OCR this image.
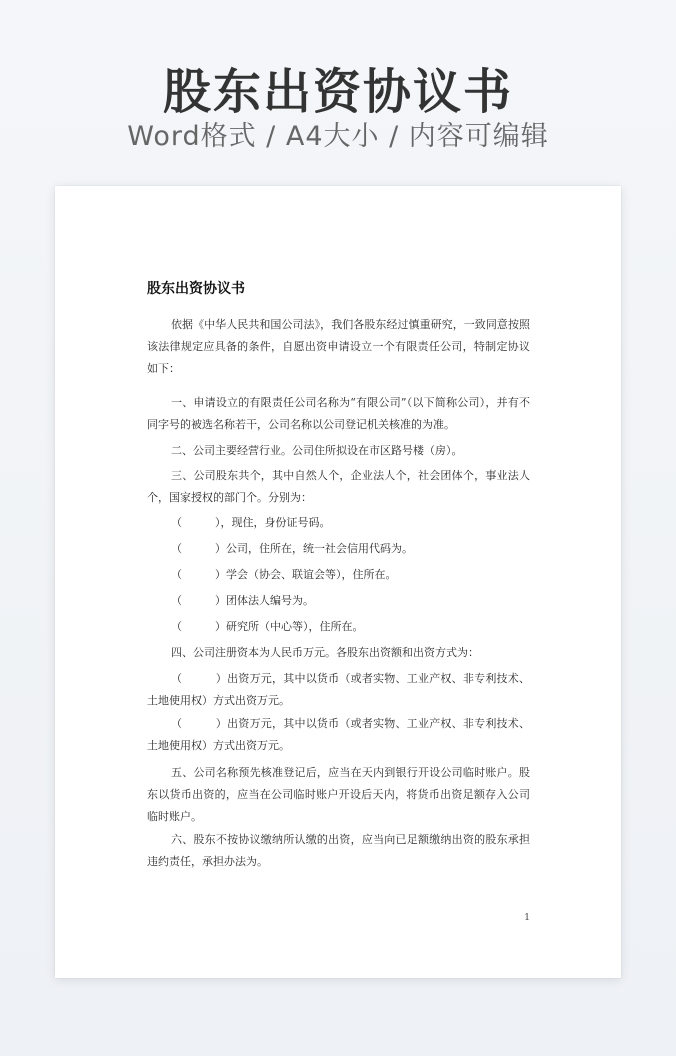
股东出资协议书
Word格式 / A4大小 / 内容可编辑
股东出资协议书
依据《中华人民共和国公司法》，我们各股东经过慎重研究，一致同意按照该法律规定应具备的条件，自愿出资申请设立一个有限责任公司，特制定协议如下：
一、申请设立的有限责任公司名称为“有限公司”（以下简称公司），并有不同字号的被选名称若干，公司名称以公司登记机关核准的为准。
二、公司主要经营行业。公司住所拟设在市区路号楼（房）。
三、公司股东共个，其中自然人个，企业法人个，社会团体个，事业法人个，国家授权的部门个。分别为：
（　　　），现住，身份证号码。
（　　　）公司，住所在，统一社会信用代码为。
（　　　）学会（协会、联谊会等），住所在。
（　　　）团体法人编号为。
（　　　）研究所（中心等），住所在。
四、公司注册资本为人民币万元。各股东出资额和出资方式为：
（　　　）出资万元，其中以货币（或者实物、工业产权、非专利技术、土地使用权）方式出资万元。
（　　　）出资万元，其中以货币（或者实物、工业产权、非专利技术、土地使用权）方式出资万元。
五、公司名称预先核准登记后，应当在天内到银行开设公司临时账户。股东以货币出资的，应当在公司临时账户开设后天内，将货币出资足额存入公司临时账户。
六、股东不按协议缴纳所认缴的出资，应当向已足额缴纳出资的股东承担违约责任，承担办法为。
1
